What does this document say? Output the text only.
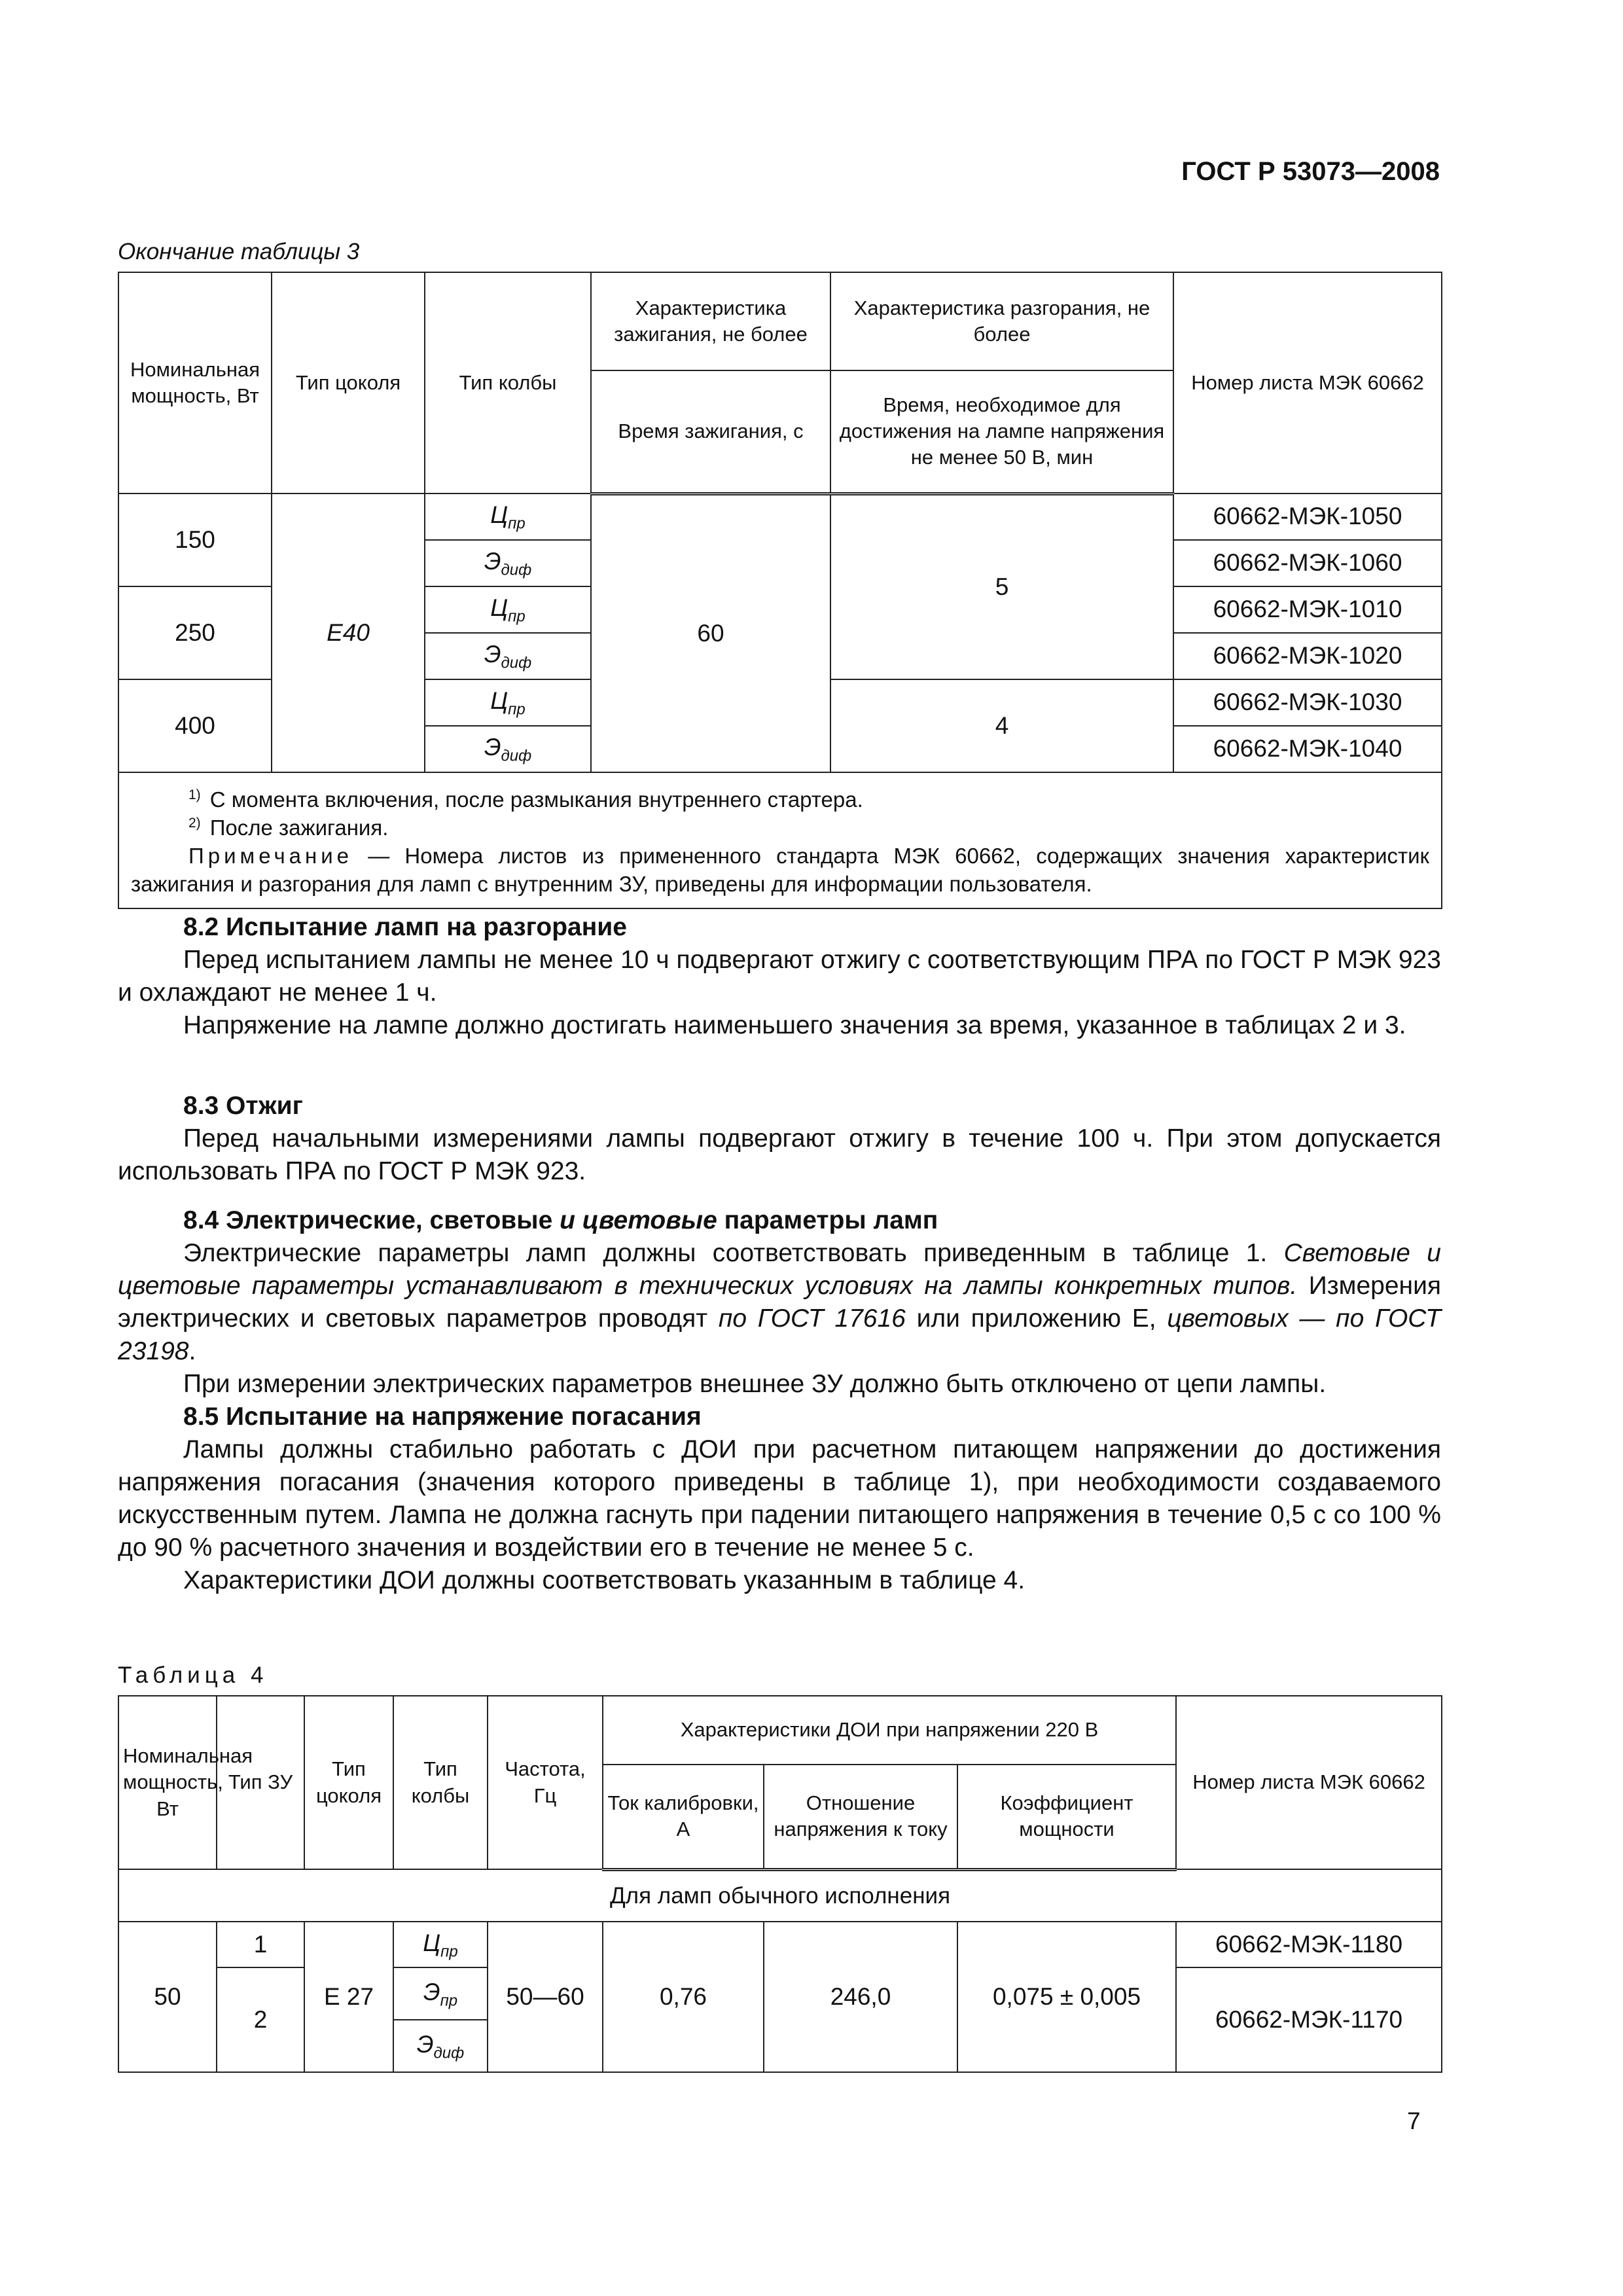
ГОСТ Р 53073—2008
Окончание таблицы 3
Номинальная мощность, Вт	Тип цоколя	Тип колбы	Характеристика зажигания, не более	Характеристика разгорания, не более	Номер листа МЭК 60662
			Время зажигания, с	Время, необходимое для достижения на лампе напряжения не менее 50 В, мин	
150	E40	$Ц_{пр}$	60	5	60662-МЭК-1050
		$Э_{диф}$			60662-МЭК-1060
250		$Ц_{пр}$			60662-МЭК-1010
		$Э_{диф}$			60662-МЭК-1020
400		$Ц_{пр}$		4	60662-МЭК-1030
		$Э_{диф}$			60662-МЭК-1040

$^{1)}$ С момента включения, после размыкания внутреннего стартера.
$^{2)}$ После зажигания.
Примечание — Номера листов из примененного стандарта МЭК 60662, содержащих значения характеристик зажигания и разгорания для ламп с внутренним ЗУ, приведены для информации пользователя.					
8.2 Испытание ламп на разгорание
Перед испытанием лампы не менее 10 ч подвергают отжигу с соответствующим ПРА по ГОСТ Р МЭК 923 и охлаждают не менее 1 ч.
Напряжение на лампе должно достигать наименьшего значения за время, указанное в таблицах 2 и 3.
8.3 Отжиг
Перед начальными измерениями лампы подвергают отжигу в течение 100 ч. При этом допускается использовать ПРА по ГОСТ Р МЭК 923.
8.4 Электрические, световые и цветовые параметры ламп
Электрические параметры ламп должны соответствовать приведенным в таблице 1. Световые и цветовые параметры устанавливают в технических условиях на лампы конкретных типов. Измерения электрических и световых параметров проводят по ГОСТ 17616 или приложению Е, цветовых — по ГОСТ 23198.
При измерении электрических параметров внешнее ЗУ должно быть отключено от цепи лампы.
8.5 Испытание на напряжение погасания
Лампы должны стабильно работать с ДОИ при расчетном питающем напряжении до достижения напряжения погасания (значения которого приведены в таблице 1), при необходимости создаваемого искусственным путем. Лампа не должна гаснуть при падении питающего напряжения в течение 0,5 с со 100 % до 90 % расчетного значения и воздействии его в течение не менее 5 с.
Характеристики ДОИ должны соответствовать указанным в таблице 4.
Таблица 4
Номинальная мощность, Вт	Тип ЗУ	Тип цоколя	Тип колбы	Частота, Гц	Характеристики ДОИ при напряжении 220 В			Номер листа МЭК 60662
					Ток калибровки, А	Отношение напряжения к току	Коэффициент мощности	
Для ламп обычного исполнения								
50	1	Е 27	$Ц_{пр}$	50—60	0,76	246,0	0,075 ± 0,005	60662-МЭК-1180
	2		$Э_{пр}$					60662-МЭК-1170
			$Э_{диф}$
7
